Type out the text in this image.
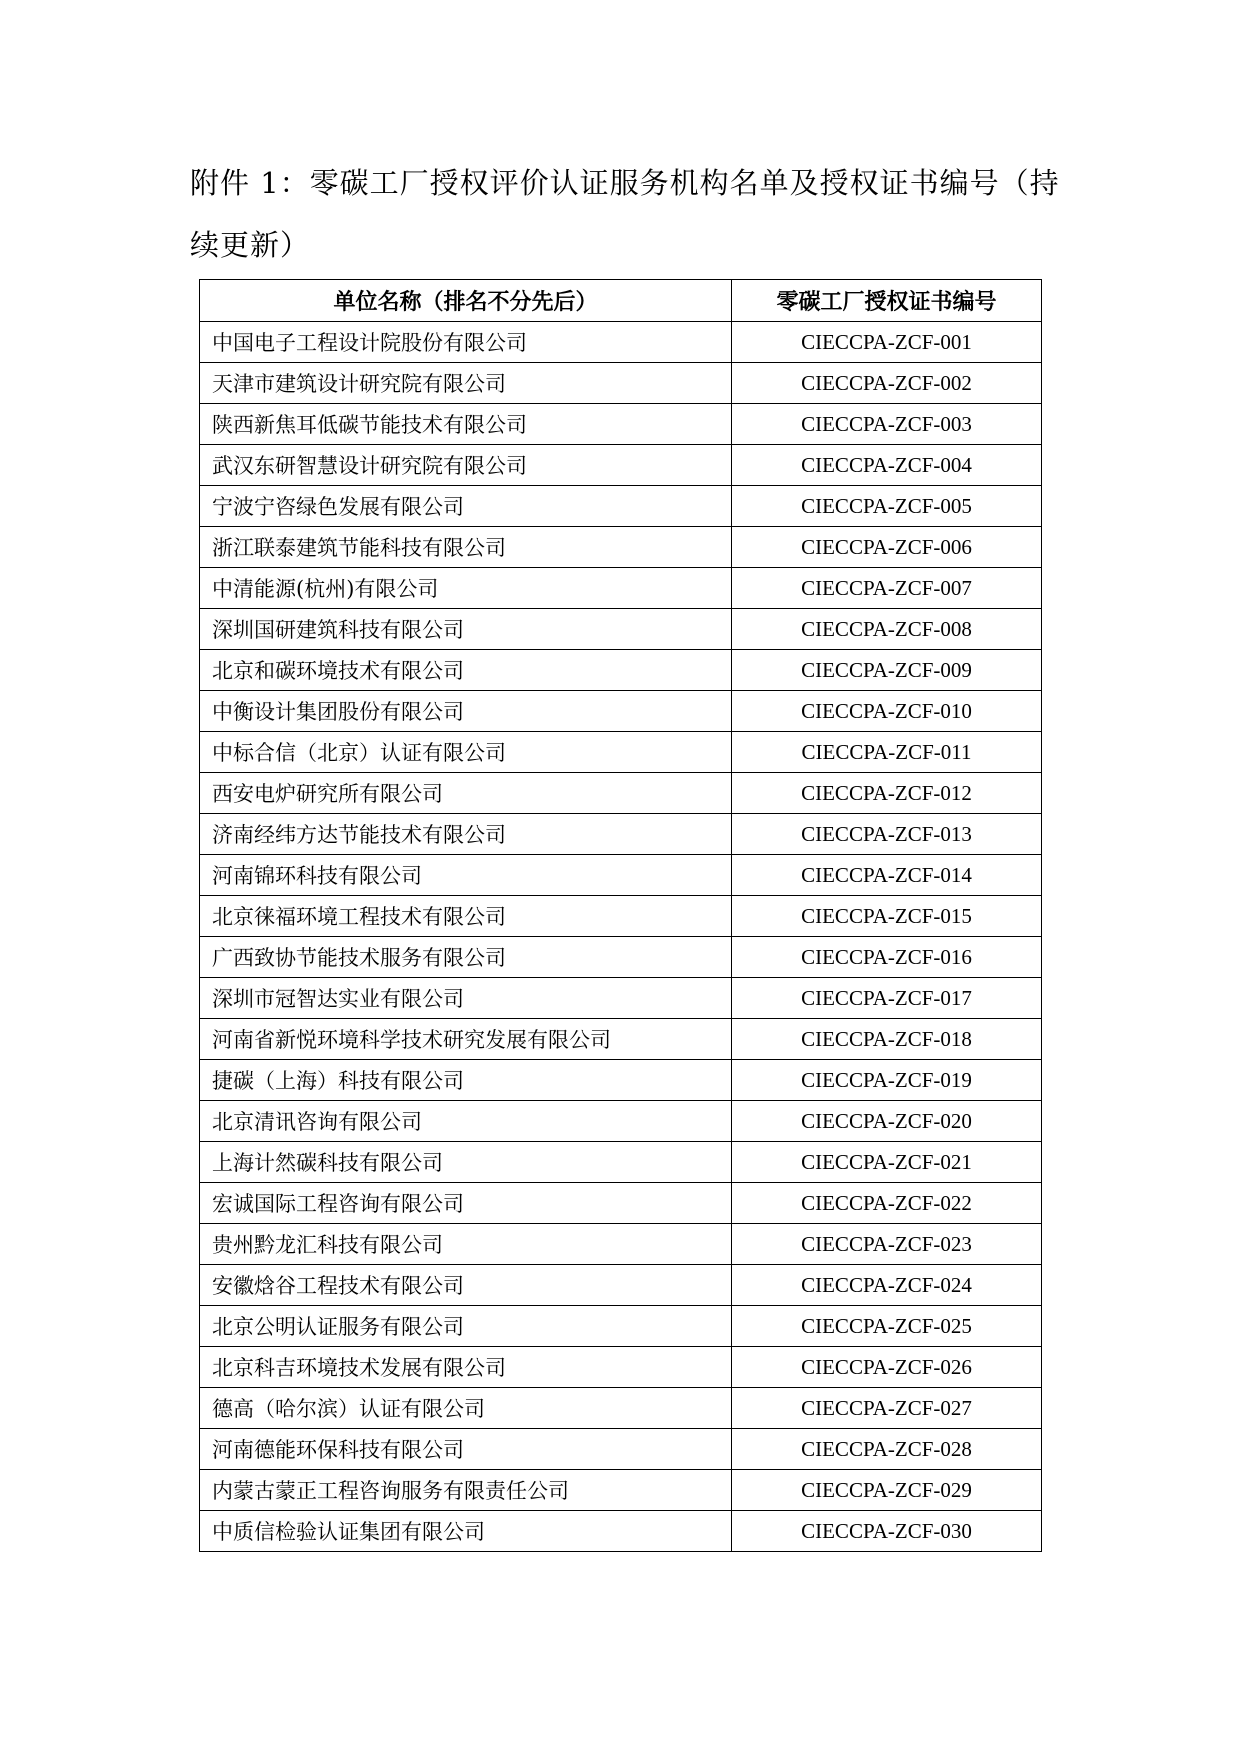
附件 1：零碳工厂授权评价认证服务机构名单及授权证书编号（持续更新）
单位名称（排名不分先后）	零碳工厂授权证书编号
中国电子工程设计院股份有限公司	CIECCPA-ZCF-001
天津市建筑设计研究院有限公司	CIECCPA-ZCF-002
陕西新焦耳低碳节能技术有限公司	CIECCPA-ZCF-003
武汉东研智慧设计研究院有限公司	CIECCPA-ZCF-004
宁波宁咨绿色发展有限公司	CIECCPA-ZCF-005
浙江联泰建筑节能科技有限公司	CIECCPA-ZCF-006
中清能源(杭州)有限公司	CIECCPA-ZCF-007
深圳国研建筑科技有限公司	CIECCPA-ZCF-008
北京和碳环境技术有限公司	CIECCPA-ZCF-009
中衡设计集团股份有限公司	CIECCPA-ZCF-010
中标合信（北京）认证有限公司	CIECCPA-ZCF-011
西安电炉研究所有限公司	CIECCPA-ZCF-012
济南经纬方达节能技术有限公司	CIECCPA-ZCF-013
河南锦环科技有限公司	CIECCPA-ZCF-014
北京徕福环境工程技术有限公司	CIECCPA-ZCF-015
广西致协节能技术服务有限公司	CIECCPA-ZCF-016
深圳市冠智达实业有限公司	CIECCPA-ZCF-017
河南省新悦环境科学技术研究发展有限公司	CIECCPA-ZCF-018
捷碳（上海）科技有限公司	CIECCPA-ZCF-019
北京清讯咨询有限公司	CIECCPA-ZCF-020
上海计然碳科技有限公司	CIECCPA-ZCF-021
宏诚国际工程咨询有限公司	CIECCPA-ZCF-022
贵州黔龙汇科技有限公司	CIECCPA-ZCF-023
安徽焓谷工程技术有限公司	CIECCPA-ZCF-024
北京公明认证服务有限公司	CIECCPA-ZCF-025
北京科吉环境技术发展有限公司	CIECCPA-ZCF-026
德高（哈尔滨）认证有限公司	CIECCPA-ZCF-027
河南德能环保科技有限公司	CIECCPA-ZCF-028
内蒙古蒙正工程咨询服务有限责任公司	CIECCPA-ZCF-029
中质信检验认证集团有限公司	CIECCPA-ZCF-030
